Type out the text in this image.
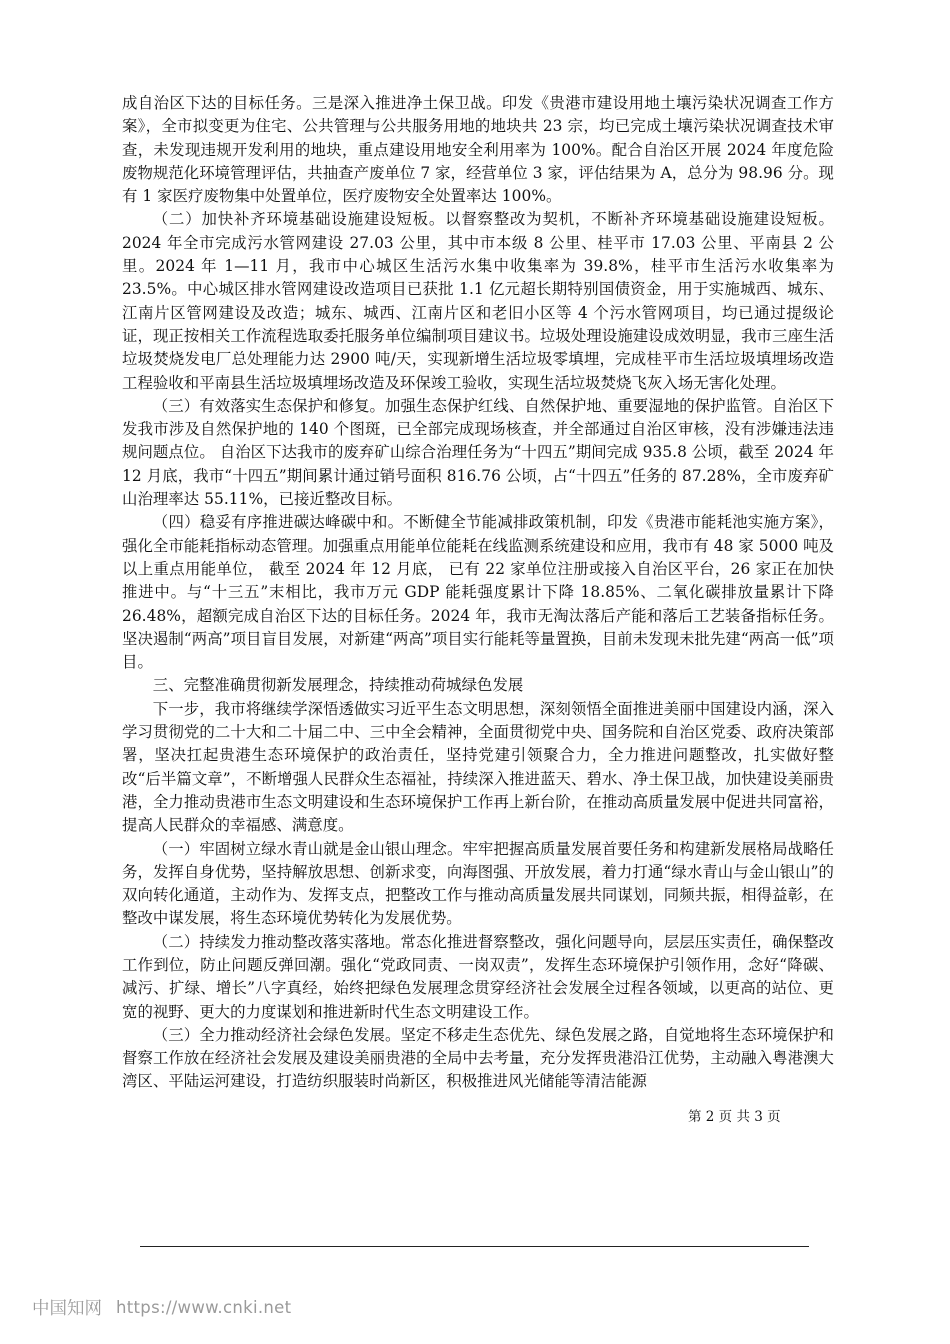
成自治区下达的目标任务。三是深入推进净土保卫战。印发《贵港市建设用地土壤污染状况调查工作方案》，全市拟变更为住宅、公共管理与公共服务用地的地块共 23 宗，均已完成土壤污染状况调查技术审查，未发现违规开发利用的地块，重点建设用地安全利用率为 100%。配合自治区开展 2024 年度危险废物规范化环境管理评估，共抽查产废单位 7 家，经营单位 3 家，评估结果为 A，总分为 98.96 分。现有 1 家医疗废物集中处置单位，医疗废物安全处置率达 100%。

（二）加快补齐环境基础设施建设短板。以督察整改为契机，不断补齐环境基础设施建设短板。2024 年全市完成污水管网建设 27.03 公里，其中市本级 8 公里、桂平市 17.03 公里、平南县 2 公里。2024 年 1—11 月，我市中心城区生活污水集中收集率为 39.8%，桂平市生活污水收集率为 23.5%。中心城区排水管网建设改造项目已获批 1.1 亿元超长期特别国债资金，用于实施城西、城东、江南片区管网建设及改造；城东、城西、江南片区和老旧小区等 4 个污水管网项目，均已通过提级论证，现正按相关工作流程选取委托服务单位编制项目建议书。垃圾处理设施建设成效明显，我市三座生活垃圾焚烧发电厂总处理能力达 2900 吨/天，实现新增生活垃圾零填埋，完成桂平市生活垃圾填埋场改造工程验收和平南县生活垃圾填埋场改造及环保竣工验收，实现生活垃圾焚烧飞灰入场无害化处理。

（三）有效落实生态保护和修复。加强生态保护红线、自然保护地、重要湿地的保护监管。自治区下发我市涉及自然保护地的 140 个图斑，已全部完成现场核查，并全部通过自治区审核，没有涉嫌违法违规问题点位。 自治区下达我市的废弃矿山综合治理任务为“十四五”期间完成 935.8 公顷，截至 2024 年 12 月底，我市“十四五”期间累计通过销号面积 816.76 公顷，占“十四五”任务的 87.28%，全市废弃矿山治理率达 55.11%，已接近整改目标。

（四）稳妥有序推进碳达峰碳中和。不断健全节能减排政策机制，印发《贵港市能耗池实施方案》，强化全市能耗指标动态管理。加强重点用能单位能耗在线监测系统建设和应用，我市有 48 家 5000 吨及以上重点用能单位， 截至 2024 年 12 月底， 已有 22 家单位注册或接入自治区平台，26 家正在加快推进中。与“十三五”末相比，我市万元 GDP 能耗强度累计下降 18.85%、二氧化碳排放量累计下降 26.48%，超额完成自治区下达的目标任务。2024 年，我市无淘汰落后产能和落后工艺装备指标任务。坚决遏制“两高”项目盲目发展，对新建“两高”项目实行能耗等量置换，目前未发现未批先建“两高一低”项目。

三、完整准确贯彻新发展理念，持续推动荷城绿色发展

下一步，我市将继续学深悟透做实习近平生态文明思想，深刻领悟全面推进美丽中国建设内涵，深入学习贯彻党的二十大和二十届二中、三中全会精神，全面贯彻党中央、国务院和自治区党委、政府决策部署，坚决扛起贵港生态环境保护的政治责任，坚持党建引领聚合力，全力推进问题整改，扎实做好整改“后半篇文章”，不断增强人民群众生态福祉，持续深入推进蓝天、碧水、净土保卫战，加快建设美丽贵港，全力推动贵港市生态文明建设和生态环境保护工作再上新台阶，在推动高质量发展中促进共同富裕，提高人民群众的幸福感、满意度。

（一）牢固树立绿水青山就是金山银山理念。牢牢把握高质量发展首要任务和构建新发展格局战略任务，发挥自身优势，坚持解放思想、创新求变，向海图强、开放发展，着力打通“绿水青山与金山银山”的双向转化通道，主动作为、发挥支点，把整改工作与推动高质量发展共同谋划，同频共振，相得益彰，在整改中谋发展，将生态环境优势转化为发展优势。

（二）持续发力推动整改落实落地。常态化推进督察整改，强化问题导向，层层压实责任，确保整改工作到位，防止问题反弹回潮。强化“党政同责、一岗双责”，发挥生态环境保护引领作用，念好“降碳、减污、扩绿、增长”八字真经，始终把绿色发展理念贯穿经济社会发展全过程各领域，以更高的站位、更宽的视野、更大的力度谋划和推进新时代生态文明建设工作。

（三）全力推动经济社会绿色发展。坚定不移走生态优先、绿色发展之路，自觉地将生态环境保护和督察工作放在经济社会发展及建设美丽贵港的全局中去考量，充分发挥贵港沿江优势，主动融入粤港澳大湾区、平陆运河建设，打造纺织服装时尚新区，积极推进风光储能等清洁能源

第 2 页 共 3 页
中国知网 https://www.cnki.net
